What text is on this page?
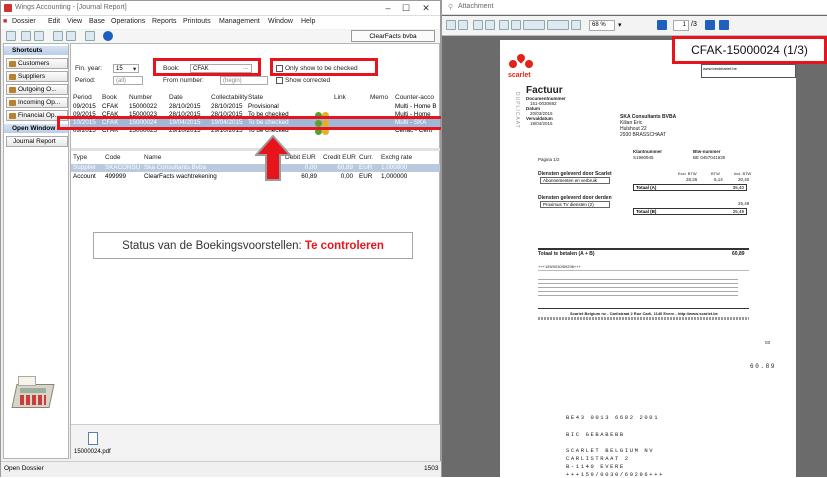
Wings Accounting - [Journal Report]	–	☐	✕
■ Dossier Edit View Base Operations Reports Printouts Management Window Help
ClearFacts bvba
Shortcuts
Customers
Suppliers
Outgoing O...
Incoming Op...
Financial Op...
Open Window
Journal Report
Fin. year:	15	▾
Period:	(all)
Book:	CFAK	…
From number:	(begin)
Only show to be checked
Show corrected
Period Book Number	Date	Collectability State	Link	Memo Counter-acco
09/2015 CFAK 15000022 28/10/2015 28/10/2015 Provisional	Multi - Home B
09/2015 CFAK 15000023 28/10/2015 28/10/2015 To be checked	Multi - Home
10/2015 CFAK 15000024 19/04/2015 19/04/2015 To be checked	Multi - SKA
09/2015 CFAK 15000025 29/10/2015 29/10/2015 To be checked	Cenac - Cent
Type	Code	Name	Debit EUR Credit EUR Curr. Exchg rate
Supplier SKACONSU Ska Consultants Bvba	0,00	60,89 EUR 1,000000
Account 499999	ClearFacts wachtrekening	60,89	0,00 EUR 1,000000
15000024.pdf
Status van de Boekingsvoorstellen: Te controleren
Open Dossier	1503
⚲ Attachment
68 %	▾	1 /3
scarlet
www.bestetarief.be
Factuur
Documentnummer
151-0030692
Datum
20/03/2015
Vervaldatum
19/04/2015
DUPLICAAT	SKA Consultants BVBA
Kilian Eric
Hulshout 22
2930 BRASSCHAAT
Klantnummer
S1960945
Btw-nummer
BE 0457041630
Pagina 1/2
Diensten geleverd door Scarlet	Excl. BTW	BTW	Incl. BTW
Abonnementen en verbruik	28,26	6,14	30,40
Totaal (A)	35,40
Diensten geleverd door derden
Proximus TV diensten (2)	25,49
Totaal (B)	25,49
Totaal te betalen (A + B)	60,89
+++159/0030/69296+++
Scarlet Belgium nv - Carlistraat 2 Rue Carli, 1140 Evere - http://www.scarlet.be
03
60.89
BE43 0013 6602 2001
BIC GEBABEBB
SCARLET BELGIUM NV
CARLISTRAAT 2
B-1140 EVERE
+++159/0030/69296+++
CFAK-15000024 (1/3)
